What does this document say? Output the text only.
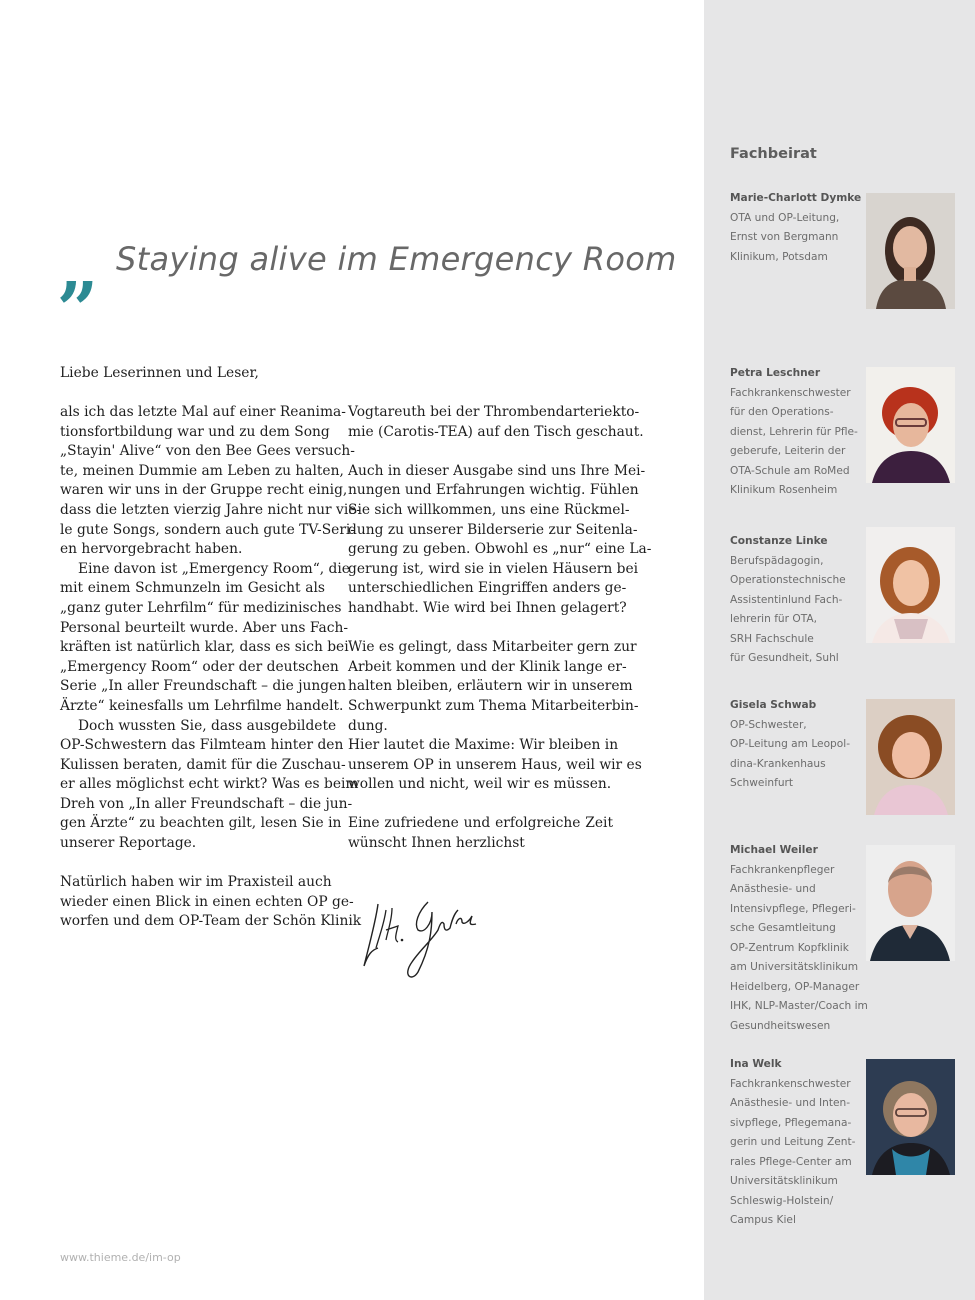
Fachbeirat
Marie-Charlott Dymke
OTA und OP-Leitung,
Ernst von Bergmann
Klinikum, Potsdam
Petra Leschner
Fachkrankenschwester
für den Operations-
dienst, Lehrerin für Pfle-
geberufe, Leiterin der
OTA-Schule am RoMed
Klinikum Rosenheim
Constanze Linke
Berufspädagogin,
Operationstechnische
Assistentinlund Fach-
lehrerin für OTA,
SRH Fachschule
für Gesundheit, Suhl
Gisela Schwab
OP-Schwester,
OP-Leitung am Leopol-
dina-Krankenhaus
Schweinfurt
Michael Weiler
Fachkrankenpfleger
Anästhesie- und
Intensivpflege, Pflegeri-
sche Gesamtleitung
OP-Zentrum Kopfklinik
am Universitätsklinikum
Heidelberg, OP-Manager
IHK, NLP-Master/Coach im
Gesundheitswesen
Ina Welk
Fachkrankenschwester
Anästhesie- und Inten-
sivpflege, Pflegemana-
gerin und Leitung Zent-
rales Pflege-Center am
Universitätsklinikum
Schleswig-Holstein/
Campus Kiel
„ Staying alive im Emergency Room
Liebe Leserinnen und Leser,
als ich das letzte Mal auf einer Reanima-
tionsfortbildung war und zu dem Song
„Stayin' Alive“ von den Bee Gees versuch-
te, meinen Dummie am Leben zu halten,
waren wir uns in der Gruppe recht einig,
dass die letzten vierzig Jahre nicht nur vie-
le gute Songs, sondern auch gute TV-Seri-
en hervorgebracht haben.
Eine davon ist „Emergency Room“, die
mit einem Schmunzeln im Gesicht als
„ganz guter Lehrfilm“ für medizinisches
Personal beurteilt wurde. Aber uns Fach-
kräften ist natürlich klar, dass es sich bei
„Emergency Room“ oder der deutschen
Serie „In aller Freundschaft – die jungen
Ärzte“ keinesfalls um Lehrfilme handelt.
Doch wussten Sie, dass ausgebildete
OP-Schwestern das Filmteam hinter den
Kulissen beraten, damit für die Zuschau-
er alles möglichst echt wirkt? Was es beim
Dreh von „In aller Freundschaft – die jun-
gen Ärzte“ zu beachten gilt, lesen Sie in
unserer Reportage.
Natürlich haben wir im Praxisteil auch
wieder einen Blick in einen echten OP ge-
worfen und dem OP-Team der Schön Klinik
Vogtareuth bei der Thrombendarteriekto-
mie (Carotis-TEA) auf den Tisch geschaut.
Auch in dieser Ausgabe sind uns Ihre Mei-
nungen und Erfahrungen wichtig. Fühlen
Sie sich willkommen, uns eine Rückmel-
dung zu unserer Bilderserie zur Seitenla-
gerung zu geben. Obwohl es „nur“ eine La-
gerung ist, wird sie in vielen Häusern bei
unterschiedlichen Eingriffen anders ge-
handhabt. Wie wird bei Ihnen gelagert?
Wie es gelingt, dass Mitarbeiter gern zur
Arbeit kommen und der Klinik lange er-
halten bleiben, erläutern wir in unserem
Schwerpunkt zum Thema Mitarbeiterbin-
dung.
Hier lautet die Maxime: Wir bleiben in
unserem OP in unserem Haus, weil wir es
wollen und nicht, weil wir es müssen.
Eine zufriedene und erfolgreiche Zeit
wünscht Ihnen herzlichst
www.thieme.de/im-op
